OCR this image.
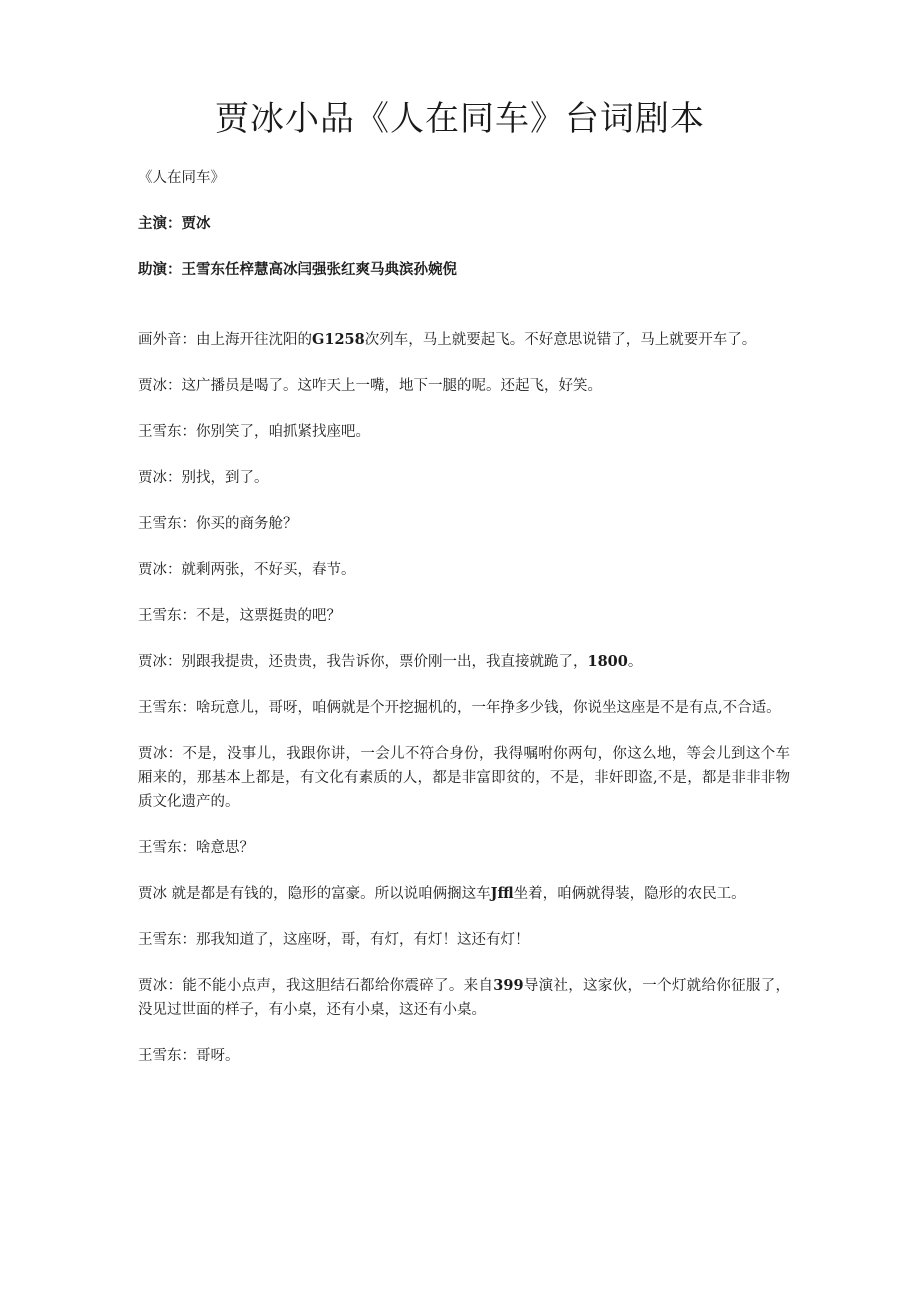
贾冰小品《人在同车》台词剧本

《人在同车》

主演：贾冰

助演：王雪东任梓慧高冰闫强张红爽马典滨孙婉倪

画外音：由上海开往沈阳的G1258次列车，马上就要起飞。不好意思说错了，马上就要开车了。

贾冰：这广播员是喝了。这咋天上一嘴，地下一腿的呢。还起飞，好笑。

王雪东：你别笑了，咱抓紧找座吧。

贾冰：别找，到了。

王雪东：你买的商务舱？

贾冰：就剩两张，不好买，春节。

王雪东：不是，这票挺贵的吧？

贾冰：别跟我提贵，还贵贵，我告诉你，票价刚一出，我直接就跪了，1800。

王雪东：啥玩意儿，哥呀，咱俩就是个开挖掘机的，一年挣多少钱，你说坐这座是不是有点,不合适。

贾冰：不是，没事儿，我跟你讲，一会儿不符合身份，我得嘱咐你两句，你这么地，等会儿到这个车厢来的，那基本上都是，有文化有素质的人，都是非富即贫的，不是，非奸即盗,不是，都是非非非物质文化遗产的。

王雪东：啥意思？

贾冰 就是都是有钱的，隐形的富豪。所以说咱俩搁这车Jffl坐着，咱俩就得装，隐形的农民工。

王雪东：那我知道了，这座呀，哥，有灯，有灯！这还有灯！

贾冰：能不能小点声，我这胆结石都给你震碎了。来自399导演社，这家伙，一个灯就给你征服了，没见过世面的样子，有小桌，还有小桌，这还有小桌。

王雪东：哥呀。
